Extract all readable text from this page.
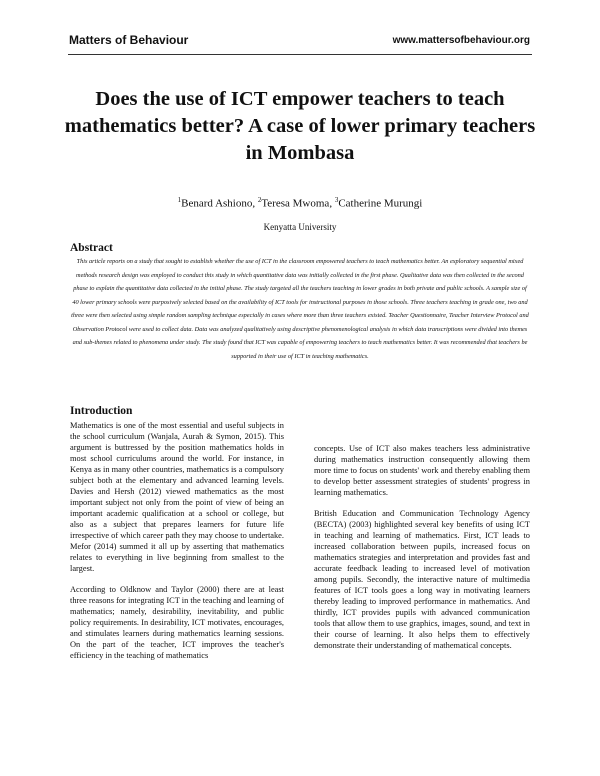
Matters of Behaviour	www.mattersofbehaviour.org
Does the use of ICT empower teachers to teach mathematics better? A case of lower primary teachers in Mombasa
$^1$Benard Ashiono, $^2$Teresa Mwoma, $^3$Catherine Murungi
Kenyatta University
Abstract

This article reports on a study that sought to establish whether the use of ICT in the classroom empowered teachers to teach mathematics better. An exploratory sequential mixed methods research design was employed to conduct this study in which quantitative data was initially collected in the first phase. Qualitative data was then collected in the second phase to explain the quantitative data collected in the initial phase. The study targeted all the teachers teaching in lower grades in both private and public schools. A sample size of 40 lower primary schools were purposively selected based on the availability of ICT tools for instructional purposes in those schools. Three teachers teaching in grade one, two and three were then selected using simple random sampling technique especially in cases where more than three teachers existed. Teacher Questionnaire, Teacher Interview Protocol and Observation Protocol were used to collect data. Data was analyzed qualitatively using descriptive phenomenological analysis in which data transcriptions were divided into themes and sub-themes related to phenomena under study. The study found that ICT was capable of empowering teachers to teach mathematics better. It was recommended that teachers be supported in their use of ICT in teaching mathematics.

Introduction

Mathematics is one of the most essential and useful subjects in the school curriculum (Wanjala, Aurah & Symon, 2015). This argument is buttressed by the position mathematics holds in most school curriculums around the world. For instance, in Kenya as in many other countries, mathematics is a compulsory subject both at the elementary and advanced learning levels. Davies and Hersh (2012) viewed mathematics as the most important subject not only from the point of view of being an important academic qualification at a school or college, but also as a subject that prepares learners for future life irrespective of which career path they may choose to undertake. Mefor (2014) summed it all up by asserting that mathematics relates to everything in live beginning from smallest to the largest.

According to Oldknow and Taylor (2000) there are at least three reasons for integrating ICT in the teaching and learning of mathematics; namely, desirability, inevitability, and public policy requirements. In desirability, ICT motivates, encourages, and stimulates learners during mathematics learning sessions. On the part of the teacher, ICT improves the teacher's efficiency in the teaching of mathematics

concepts. Use of ICT also makes teachers less administrative during mathematics instruction consequently allowing them more time to focus on students' work and thereby enabling them to develop better assessment strategies of students' progress in learning mathematics.

British Education and Communication Technology Agency (BECTA) (2003) highlighted several key benefits of using ICT in teaching and learning of mathematics. First, ICT leads to increased collaboration between pupils, increased focus on mathematics strategies and interpretation and provides fast and accurate feedback leading to increased level of motivation among pupils. Secondly, the interactive nature of multimedia features of ICT tools goes a long way in motivating learners thereby leading to improved performance in mathematics. And thirdly, ICT provides pupils with advanced communication tools that allow them to use graphics, images, sound, and text in their course of learning. It also helps them to effectively demonstrate their understanding of mathematical concepts.
